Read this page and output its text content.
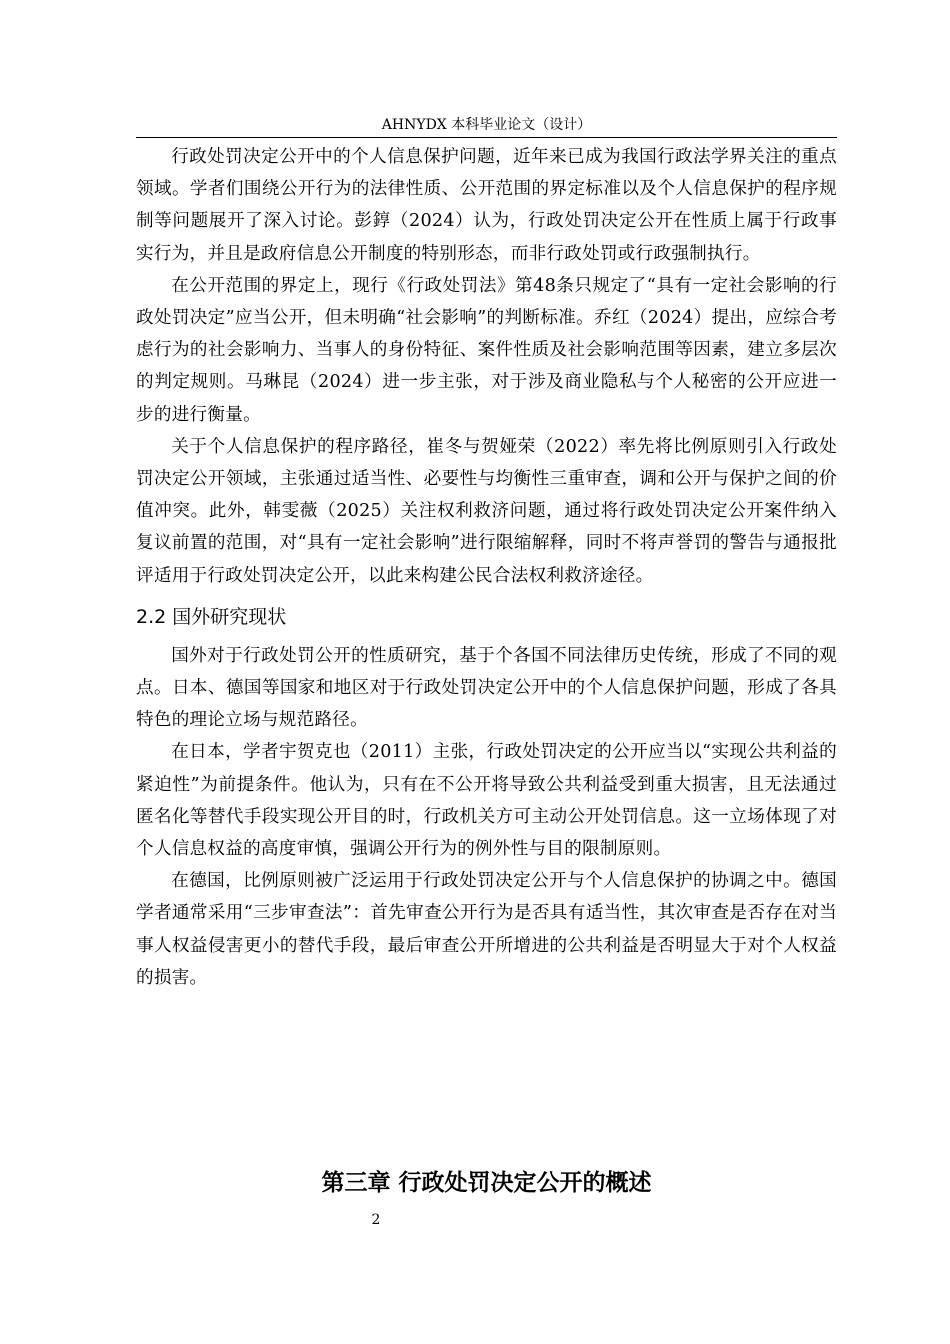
AHNYDX 本科毕业论文（设计）

行政处罚决定公开中的个人信息保护问题，近年来已成为我国行政法学界关注的重点领域。学者们围绕公开行为的法律性质、公开范围的界定标准以及个人信息保护的程序规制等问题展开了深入讨论。彭錞（2024）认为，行政处罚决定公开在性质上属于行政事实行为，并且是政府信息公开制度的特别形态，而非行政处罚或行政强制执行。

在公开范围的界定上，现行《行政处罚法》第48条只规定了“具有一定社会影响的行政处罚决定”应当公开，但未明确“社会影响”的判断标准。乔红（2024）提出，应综合考虑行为的社会影响力、当事人的身份特征、案件性质及社会影响范围等因素，建立多层次的判定规则。马琳昆（2024）进一步主张，对于涉及商业隐私与个人秘密的公开应进一步的进行衡量。

关于个人信息保护的程序路径，崔冬与贺娅荣（2022）率先将比例原则引入行政处罚决定公开领域，主张通过适当性、必要性与均衡性三重审查，调和公开与保护之间的价值冲突。此外，韩雯薇（2025）关注权利救济问题，通过将行政处罚决定公开案件纳入复议前置的范围，对“具有一定社会影响”进行限缩解释，同时不将声誉罚的警告与通报批评适用于行政处罚决定公开，以此来构建公民合法权利救济途径。

2.2 国外研究现状

国外对于行政处罚公开的性质研究，基于个各国不同法律历史传统，形成了不同的观点。日本、德国等国家和地区对于行政处罚决定公开中的个人信息保护问题，形成了各具特色的理论立场与规范路径。

在日本，学者宇贺克也（2011）主张，行政处罚决定的公开应当以“实现公共利益的紧迫性”为前提条件。他认为，只有在不公开将导致公共利益受到重大损害，且无法通过匿名化等替代手段实现公开目的时，行政机关方可主动公开处罚信息。这一立场体现了对个人信息权益的高度审慎，强调公开行为的例外性与目的限制原则。

在德国，比例原则被广泛运用于行政处罚决定公开与个人信息保护的协调之中。德国学者通常采用“三步审查法”：首先审查公开行为是否具有适当性，其次审查是否存在对当事人权益侵害更小的替代手段，最后审查公开所增进的公共利益是否明显大于对个人权益的损害。

第三章 行政处罚决定公开的概述
2
